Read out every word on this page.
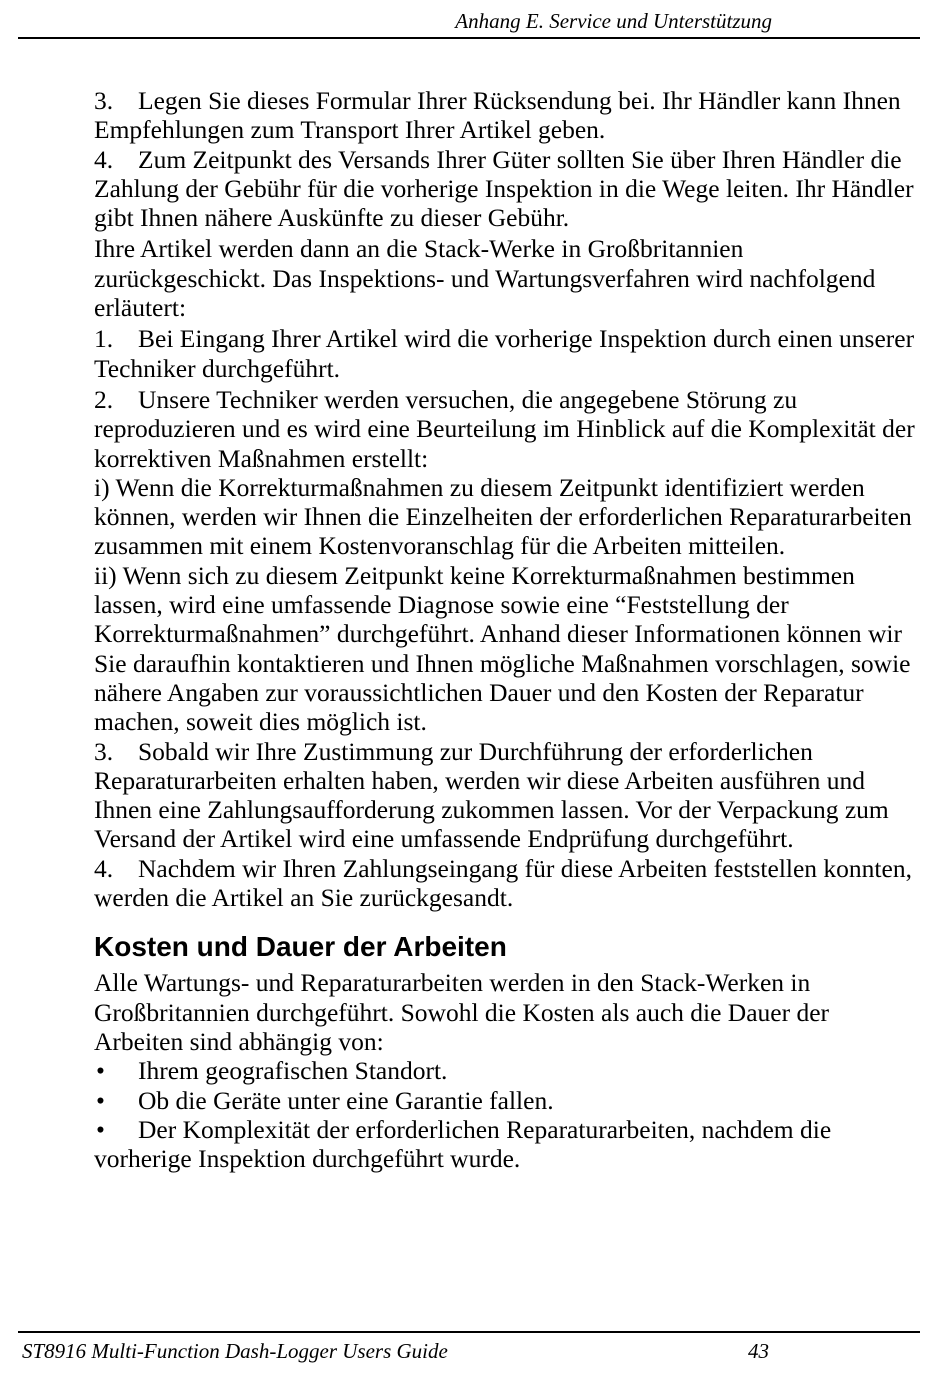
Anhang E. Service und Unterstützung

3. Legen Sie dieses Formular Ihrer Rücksendung bei. Ihr Händler kann Ihnen Empfehlungen zum Transport Ihrer Artikel geben.

4. Zum Zeitpunkt des Versands Ihrer Güter sollten Sie über Ihren Händler die Zahlung der Gebühr für die vorherige Inspektion in die Wege leiten. Ihr Händler gibt Ihnen nähere Auskünfte zu dieser Gebühr.

Ihre Artikel werden dann an die Stack-Werke in Großbritannien zurückgeschickt. Das Inspektions- und Wartungsverfahren wird nachfolgend erläutert:

1. Bei Eingang Ihrer Artikel wird die vorherige Inspektion durch einen unserer Techniker durchgeführt.

2. Unsere Techniker werden versuchen, die angegebene Störung zu reproduzieren und es wird eine Beurteilung im Hinblick auf die Komplexität der korrektiven Maßnahmen erstellt:

i) Wenn die Korrekturmaßnahmen zu diesem Zeitpunkt identifiziert werden können, werden wir Ihnen die Einzelheiten der erforderlichen Reparaturarbeiten zusammen mit einem Kostenvoranschlag für die Arbeiten mitteilen.

ii) Wenn sich zu diesem Zeitpunkt keine Korrekturmaßnahmen bestimmen lassen, wird eine umfassende Diagnose sowie eine “Feststellung der Korrekturmaßnahmen” durchgeführt. Anhand dieser Informationen können wir Sie daraufhin kontaktieren und Ihnen mögliche Maßnahmen vorschlagen, sowie nähere Angaben zur voraussichtlichen Dauer und den Kosten der Reparatur machen, soweit dies möglich ist.

3. Sobald wir Ihre Zustimmung zur Durchführung der erforderlichen Reparaturarbeiten erhalten haben, werden wir diese Arbeiten ausführen und Ihnen eine Zahlungsaufforderung zukommen lassen. Vor der Verpackung zum Versand der Artikel wird eine umfassende Endprüfung durchgeführt.

4. Nachdem wir Ihren Zahlungseingang für diese Arbeiten feststellen konnten, werden die Artikel an Sie zurückgesandt.

Kosten und Dauer der Arbeiten

Alle Wartungs- und Reparaturarbeiten werden in den Stack-Werken in Großbritannien durchgeführt. Sowohl die Kosten als auch die Dauer der Arbeiten sind abhängig von:

• Ihrem geografischen Standort.

• Ob die Geräte unter eine Garantie fallen.

• Der Komplexität der erforderlichen Reparaturarbeiten, nachdem die vorherige Inspektion durchgeführt wurde.

ST8916 Multi-Function Dash-Logger Users Guide	43
